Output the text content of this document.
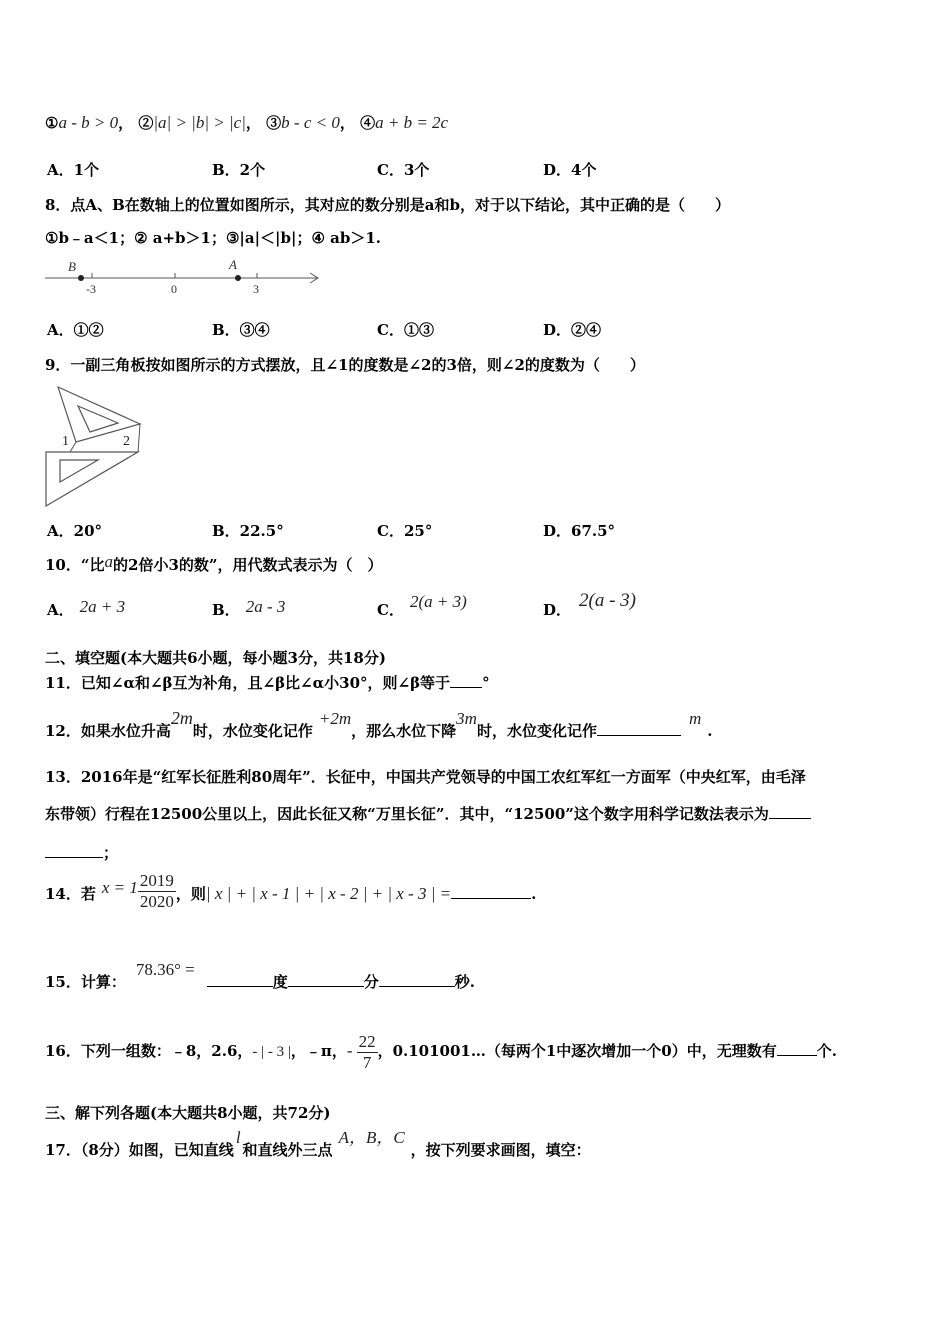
①a - b > 0， ②|a| > |b| > |c|， ③b - c < 0， ④a + b = 2c
A．1个	B．2个	C．3个	D．4个
8．点A、B在数轴上的位置如图所示，其对应的数分别是a和b，对于以下结论，其中正确的是（　　）
①b﹣a＜1；② a+b＞1；③|a|＜|b|；④ ab＞1.
B	A
-3	0	3
A．①②	B．③④	C．①③	D．②④
9．一副三角板按如图所示的方式摆放，且∠1的度数是∠2的3倍，则∠2的度数为（　　）
1	2
A．20°	B．22.5°	C．25°	D．67.5°
10．“比a的2倍小3的数”，用代数式表示为（　）
A． 2a + 3	B． 2a - 3	C． 2(a + 3)	D． 2(a - 3)
二、填空题(本大题共6小题，每小题3分，共18分)
11．已知∠α和∠β互为补角，且∠β比∠α小30°，则∠β等于 °
12．如果水位升高2m时，水位变化记作+2m，那么水位下降3m时，水位变化记作m.
13．2016年是“红军长征胜利80周年”．长征中，中国共产党领导的中国工农红军红一方面军（中央红军，由毛泽
东带领）行程在12500公里以上，因此长征又称“万里长征”．其中，“12500”这个数字用科学记数法表示为
；
14．若 $x = 1 \frac{2019}{2020}$ ，则| x | + | x - 1 | + | x - 2 | + | x - 3 | =	.
15．计算：78.36° =度	分	秒.
16．下列一组数：﹣8，2.6，- | - 3 |，﹣π，- $\frac{22}{7}$ ，0.101001…（每两个1中逐次增加一个0）中，无理数有	个.
三、解下列各题(本大题共8小题，共72分)
17．（8分）如图，已知直线l和直线外三点A，B，C，按下列要求画图，填空：
